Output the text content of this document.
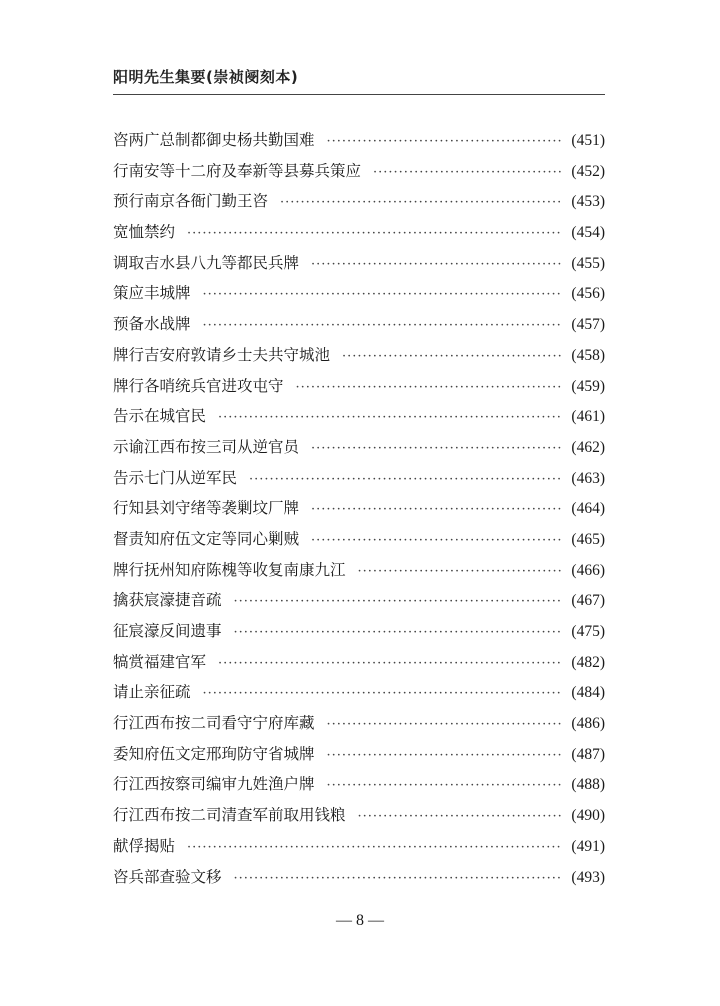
阳明先生集要(崇祯阌刻本)
咨两广总制都御史杨共勤国难 ·····	(451)
行南安等十二府及奉新等县募兵策应 ·····	(452)
预行南京各衙门勤王咨 ·····	(453)
宽恤禁约 ·····	(454)
调取吉水县八九等都民兵牌 ·····	(455)
策应丰城牌 ·····	(456)
预备水战牌 ·····	(457)
牌行吉安府敦请乡士夫共守城池 ·····	(458)
牌行各哨统兵官进攻屯守 ·····	(459)
告示在城官民 ·····	(461)
示谕江西布按三司从逆官员 ·····	(462)
告示七门从逆军民 ·····	(463)
行知县刘守绪等袭剿坟厂牌 ·····	(464)
督责知府伍文定等同心剿贼 ·····	(465)
牌行抚州知府陈槐等收复南康九江 ·····	(466)
擒获宸濠捷音疏 ·····	(467)
征宸濠反间遗事 ·····	(475)
犒赏福建官军 ·····	(482)
请止亲征疏 ·····	(484)
行江西布按二司看守宁府库藏 ·····	(486)
委知府伍文定邢珣防守省城牌 ·····	(487)
行江西按察司编审九姓渔户牌 ·····	(488)
行江西布按二司清查军前取用钱粮 ·····	(490)
献俘揭贴 ·····	(491)
咨兵部查验文移 ·····	(493)
— 8 —
